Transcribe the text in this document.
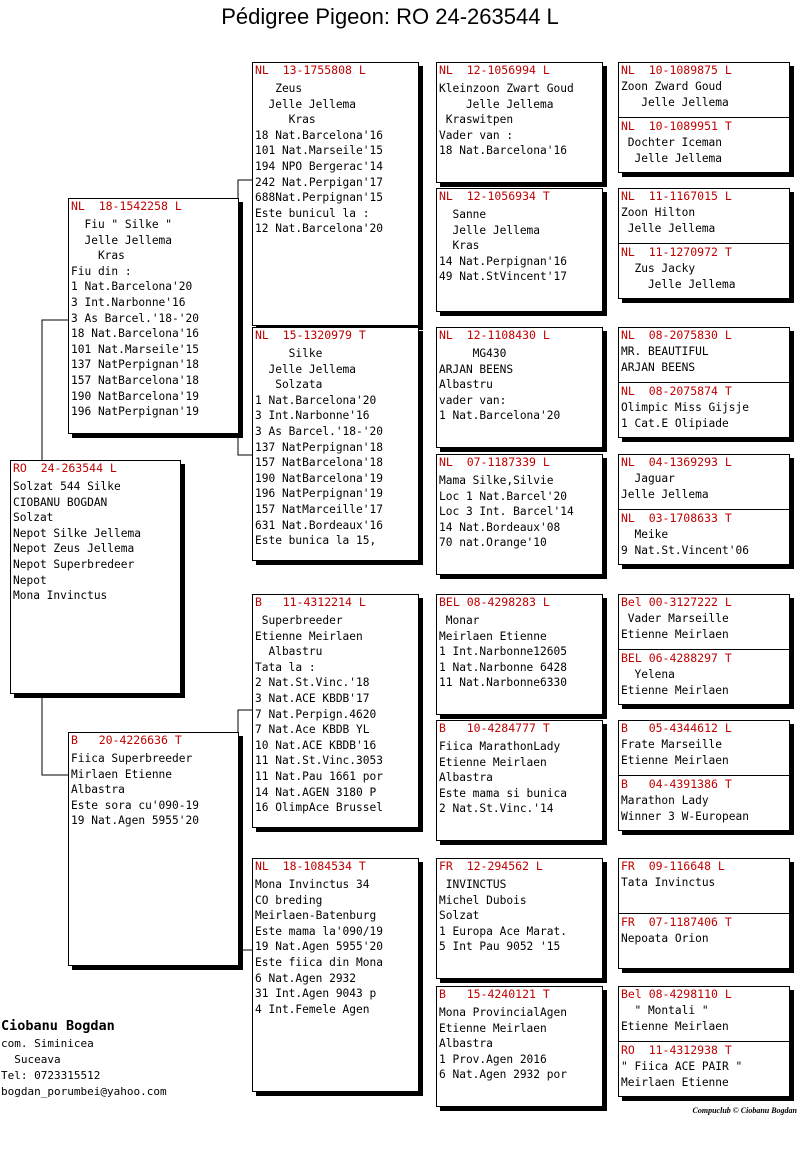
Pédigree Pigeon: RO 24-263544 L
RO  24-263544 L
Solzat 544 Silke
CIOBANU BOGDAN
Solzat
Nepot Silke Jellema
Nepot Zeus Jellema
Nepot Superbredeer
Nepot
Mona Invinctus
NL  18-1542258 L
Fiu " Silke "
Jelle Jellema
Kras
Fiu din :
1 Nat.Barcelona'20
3 Int.Narbonne'16
3 As Barcel.'18-'20
18 Nat.Barcelona'16
101 Nat.Marseile'15
137 NatPerpignan'18
157 NatBarcelona'18
190 NatBarcelona'19
196 NatPerpignan'19
B   20-4226636 T
Fiica Superbreeder
Mirlaen Etienne
Albastra
Este sora cu'090-19
19 Nat.Agen 5955'20
NL  13-1755808 L
Zeus
Jelle Jellema
Kras
18 Nat.Barcelona'16
101 Nat.Marseile'15
194 NPO Bergerac'14
242 Nat.Perpigan'17
688Nat.Perpignan'15
Este bunicul la :
12 Nat.Barcelona'20
NL  15-1320979 T
Silke
Jelle Jellema
Solzata
1 Nat.Barcelona'20
3 Int.Narbonne'16
3 As Barcel.'18-'20
137 NatPerpignan'18
157 NatBarcelona'18
190 NatBarcelona'19
196 NatPerpignan'19
157 NatMarceille'17
631 Nat.Bordeaux'16
Este bunica la 15,
B   11-4312214 L
Superbreeder
Etienne Meirlaen
Albastru
Tata la :
2 Nat.St.Vinc.'18
3 Nat.ACE KBDB'17
7 Nat.Perpign.4620
7 Nat.Ace KBDB YL
10 Nat.ACE KBDB'16
11 Nat.St.Vinc.3053
11 Nat.Pau 1661 por
14 Nat.AGEN 3180 P
16 OlimpAce Brussel
NL  18-1084534 T
Mona Invinctus 34
CO breding
Meirlaen-Batenburg
Este mama la'090/19
19 Nat.Agen 5955'20
Este fiica din Mona
6 Nat.Agen 2932
31 Int.Agen 9043 p
4 Int.Femele Agen
NL  12-1056994 L
Kleinzoon Zwart Goud
Jelle Jellema
Kraswitpen
Vader van :
18 Nat.Barcelona'16
NL  12-1056934 T
Sanne
Jelle Jellema
Kras
14 Nat.Perpignan'16
49 Nat.StVincent'17
NL  12-1108430 L
MG430
ARJAN BEENS
Albastru
vader van:
1 Nat.Barcelona'20
NL  07-1187339 L
Mama Silke,Silvie
Loc 1 Nat.Barcel'20
Loc 3 Int. Barcel'14
14 Nat.Bordeaux'08
70 nat.Orange'10
BEL 08-4298283 L
Monar
Meirlaen Etienne
1 Int.Narbonne12605
1 Nat.Narbonne 6428
11 Nat.Narbonne6330
B   10-4284777 T
Fiica MarathonLady
Etienne Meirlaen
Albastra
Este mama si bunica
2 Nat.St.Vinc.'14
FR  12-294562 L
INVINCTUS
Michel Dubois
Solzat
1 Europa Ace Marat.
5 Int Pau 9052 '15
B   15-4240121 T
Mona ProvincialAgen
Etienne Meirlaen
Albastra
1 Prov.Agen 2016
6 Nat.Agen 2932 por
NL  10-1089875 L
Zoon Zward Goud
Jelle Jellema
NL  10-1089951 T
Dochter Iceman
Jelle Jellema
NL  11-1167015 L
Zoon Hilton
Jelle Jellema
NL  11-1270972 T
Zus Jacky
Jelle Jellema
NL  08-2075830 L
MR. BEAUTIFUL
ARJAN BEENS
NL  08-2075874 T
Olimpic Miss Gijsje
1 Cat.E Olipiade
NL  04-1369293 L
Jaguar
Jelle Jellema
NL  03-1708633 T
Meike
9 Nat.St.Vincent'06
Bel 00-3127222 L
Vader Marseille
Etienne Meirlaen
BEL 06-4288297 T
Yelena
Etienne Meirlaen
B   05-4344612 L
Frate Marseille
Etienne Meirlaen
B   04-4391386 T
Marathon Lady
Winner 3 W-European
FR  09-116648 L
Tata Invinctus
FR  07-1187406 T
Nepoata Orion
Bel 08-4298110 L
" Montali "
Etienne Meirlaen
RO  11-4312938 T
" Fiica ACE PAIR "
Meirlaen Etienne
Ciobanu Bogdan
com. Siminicea
Suceava
Tel: 0723315512
bogdan_porumbei@yahoo.com
Compuclub © Ciobanu Bogdan
